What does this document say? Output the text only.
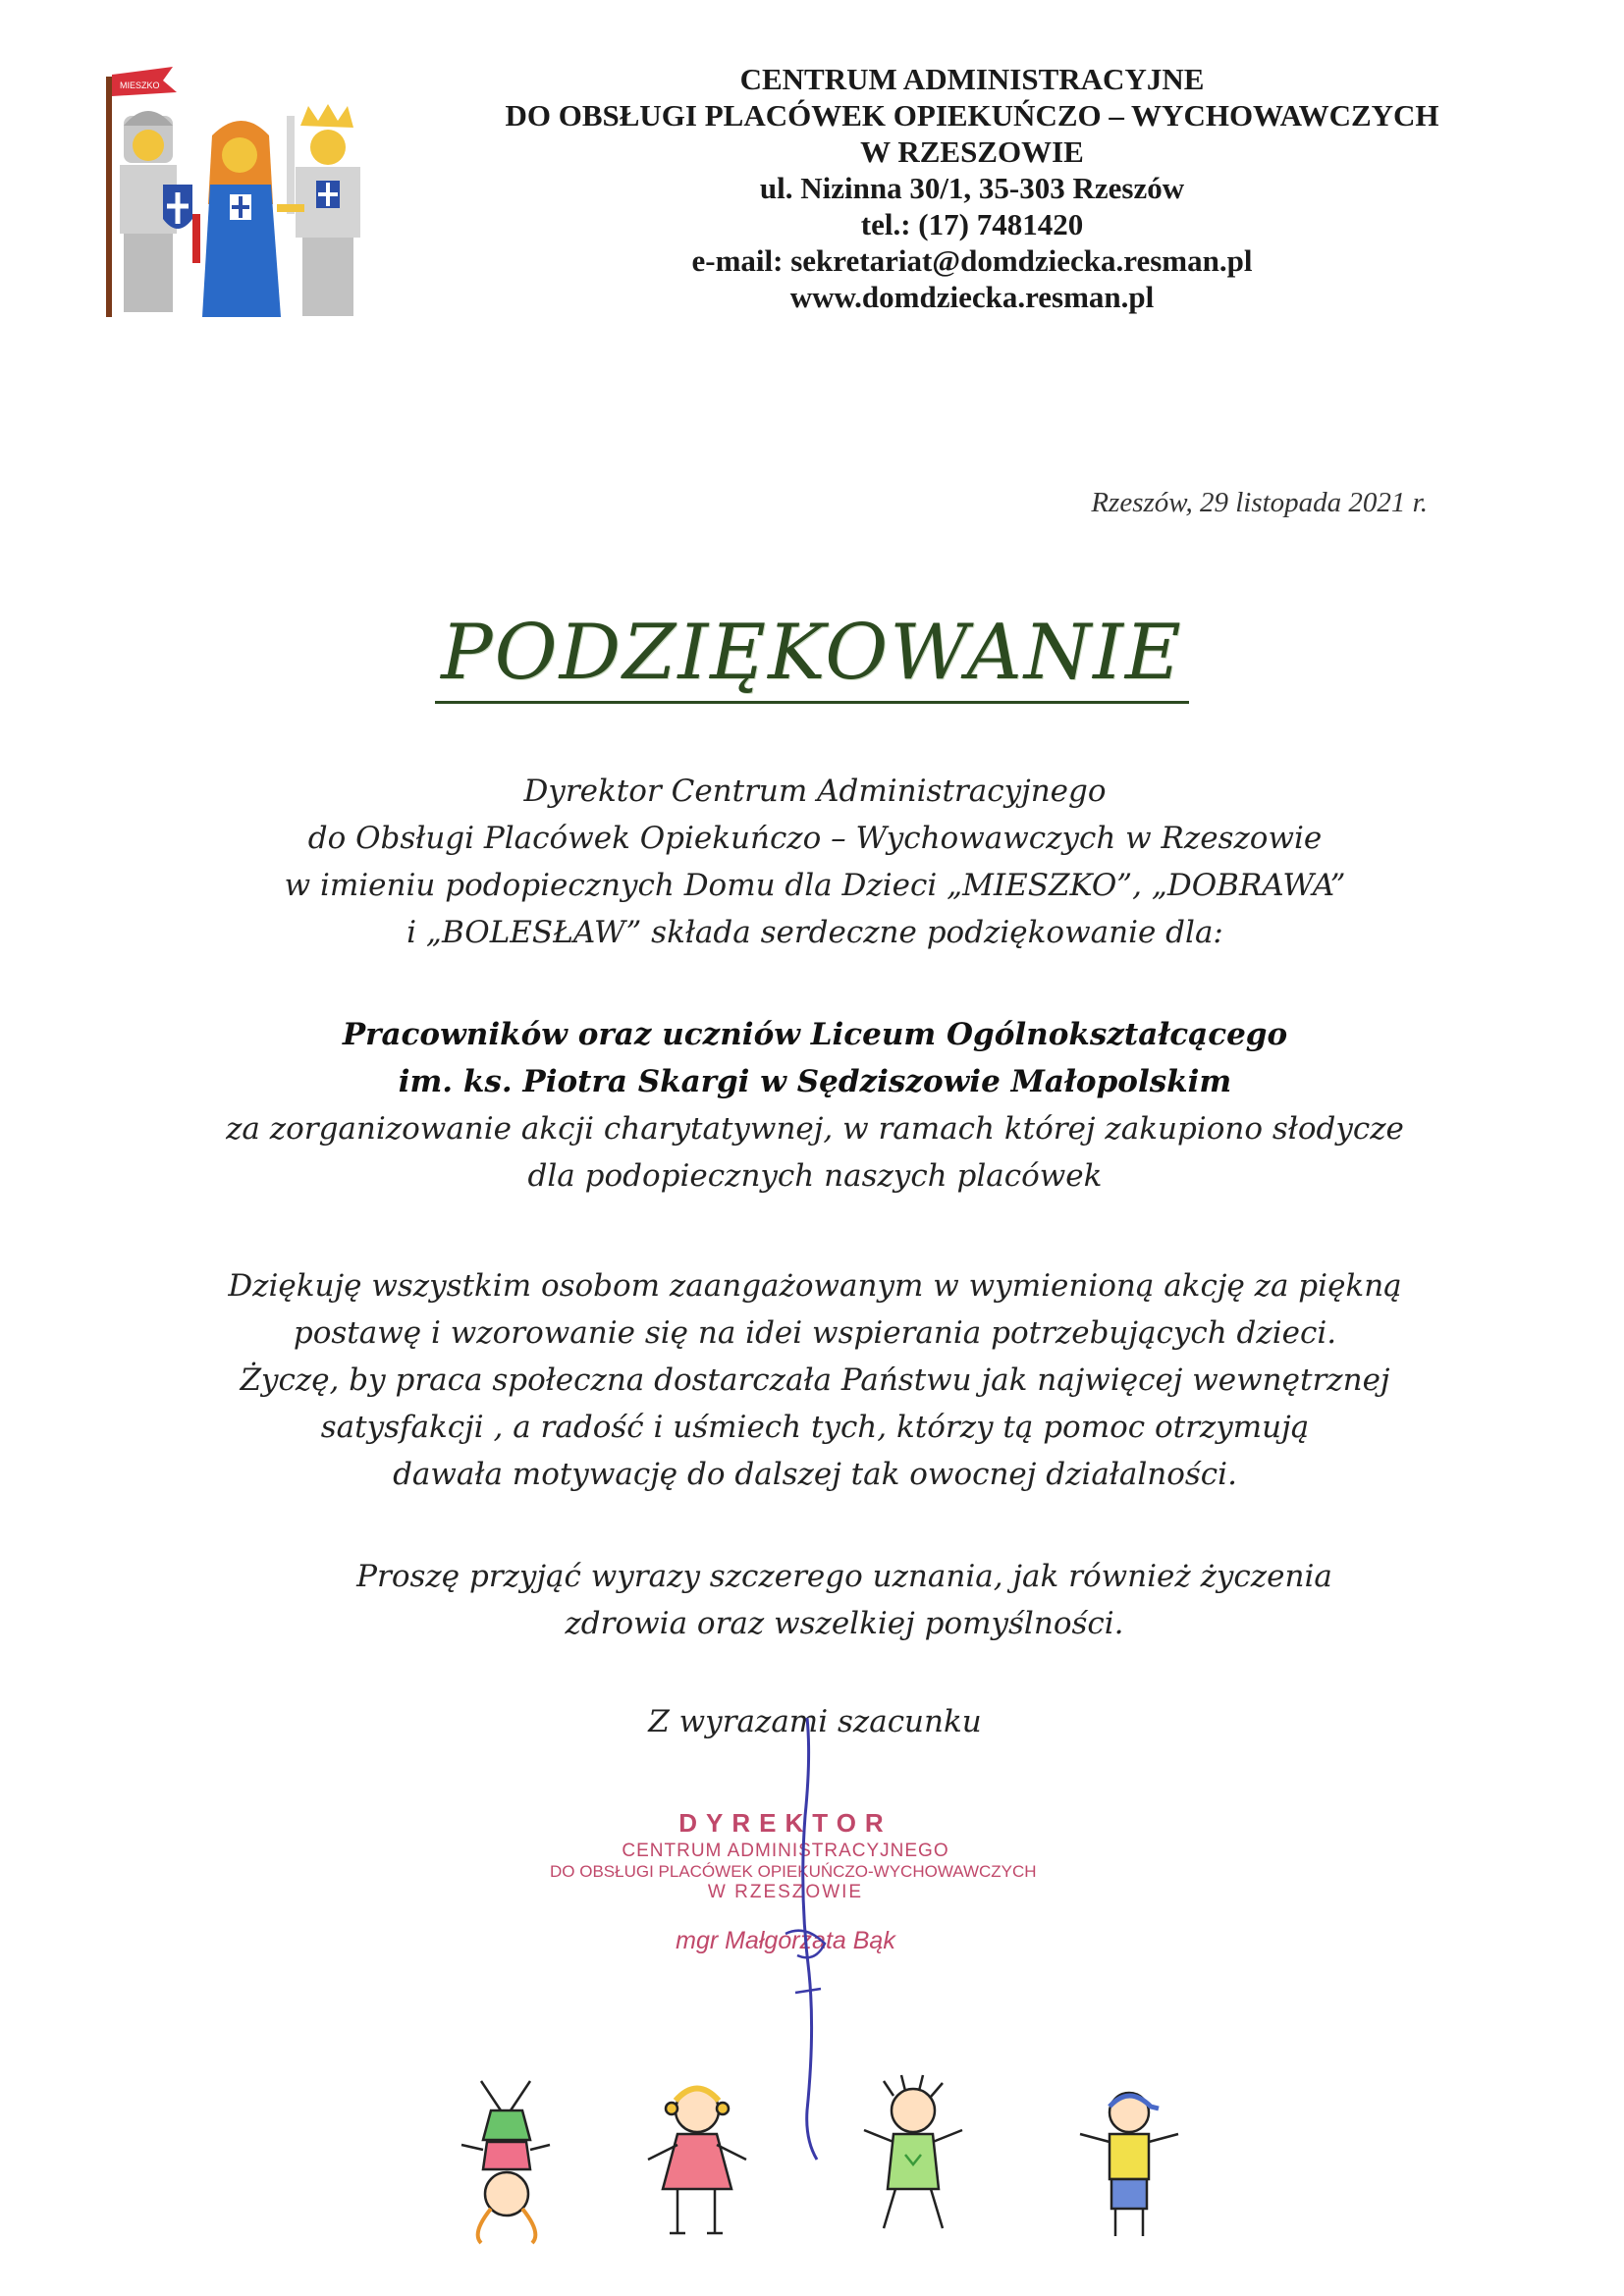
MIESZKO	CENTRUM ADMINISTRACYJNE
DO OBSŁUGI PLACÓWEK OPIEKUŃCZO – WYCHOWAWCZYCH
W RZESZOWIE
ul. Nizinna 30/1, 35-303 Rzeszów
tel.: (17) 7481420
e-mail: sekretariat@domdziecka.resman.pl
www.domdziecka.resman.pl
Rzeszów, 29 listopada 2021 r.
PODZIĘKOWANIE
Dyrektor Centrum Administracyjnego
do Obsługi Placówek Opiekuńczo – Wychowawczych w Rzeszowie
w imieniu podopiecznych Domu dla Dzieci „MIESZKO”, „DOBRAWA”
i „BOLESŁAW” składa serdeczne podziękowanie dla:
Pracowników oraz uczniów Liceum Ogólnokształcącego
im. ks. Piotra Skargi w Sędziszowie Małopolskim
za zorganizowanie akcji charytatywnej, w ramach której zakupiono słodycze
dla podopiecznych naszych placówek
Dziękuję wszystkim osobom zaangażowanym w wymienioną akcję za piękną
postawę i wzorowanie się na idei wspierania potrzebujących dzieci.
Życzę, by praca społeczna dostarczała Państwu jak najwięcej wewnętrznej
satysfakcji , a radość i uśmiech tych, którzy tą pomoc otrzymują
dawała motywację do dalszej tak owocnej działalności.
Proszę przyjąć wyrazy szczerego uznania, jak również życzenia
zdrowia oraz wszelkiej pomyślności.
Z wyrazami szacunku
DYREKTOR
CENTRUM ADMINISTRACYJNEGO
DO OBSŁUGI PLACÓWEK OPIEKUŃCZO-WYCHOWAWCZYCH
W RZESZOWIE
mgr Małgorzata Bąk
